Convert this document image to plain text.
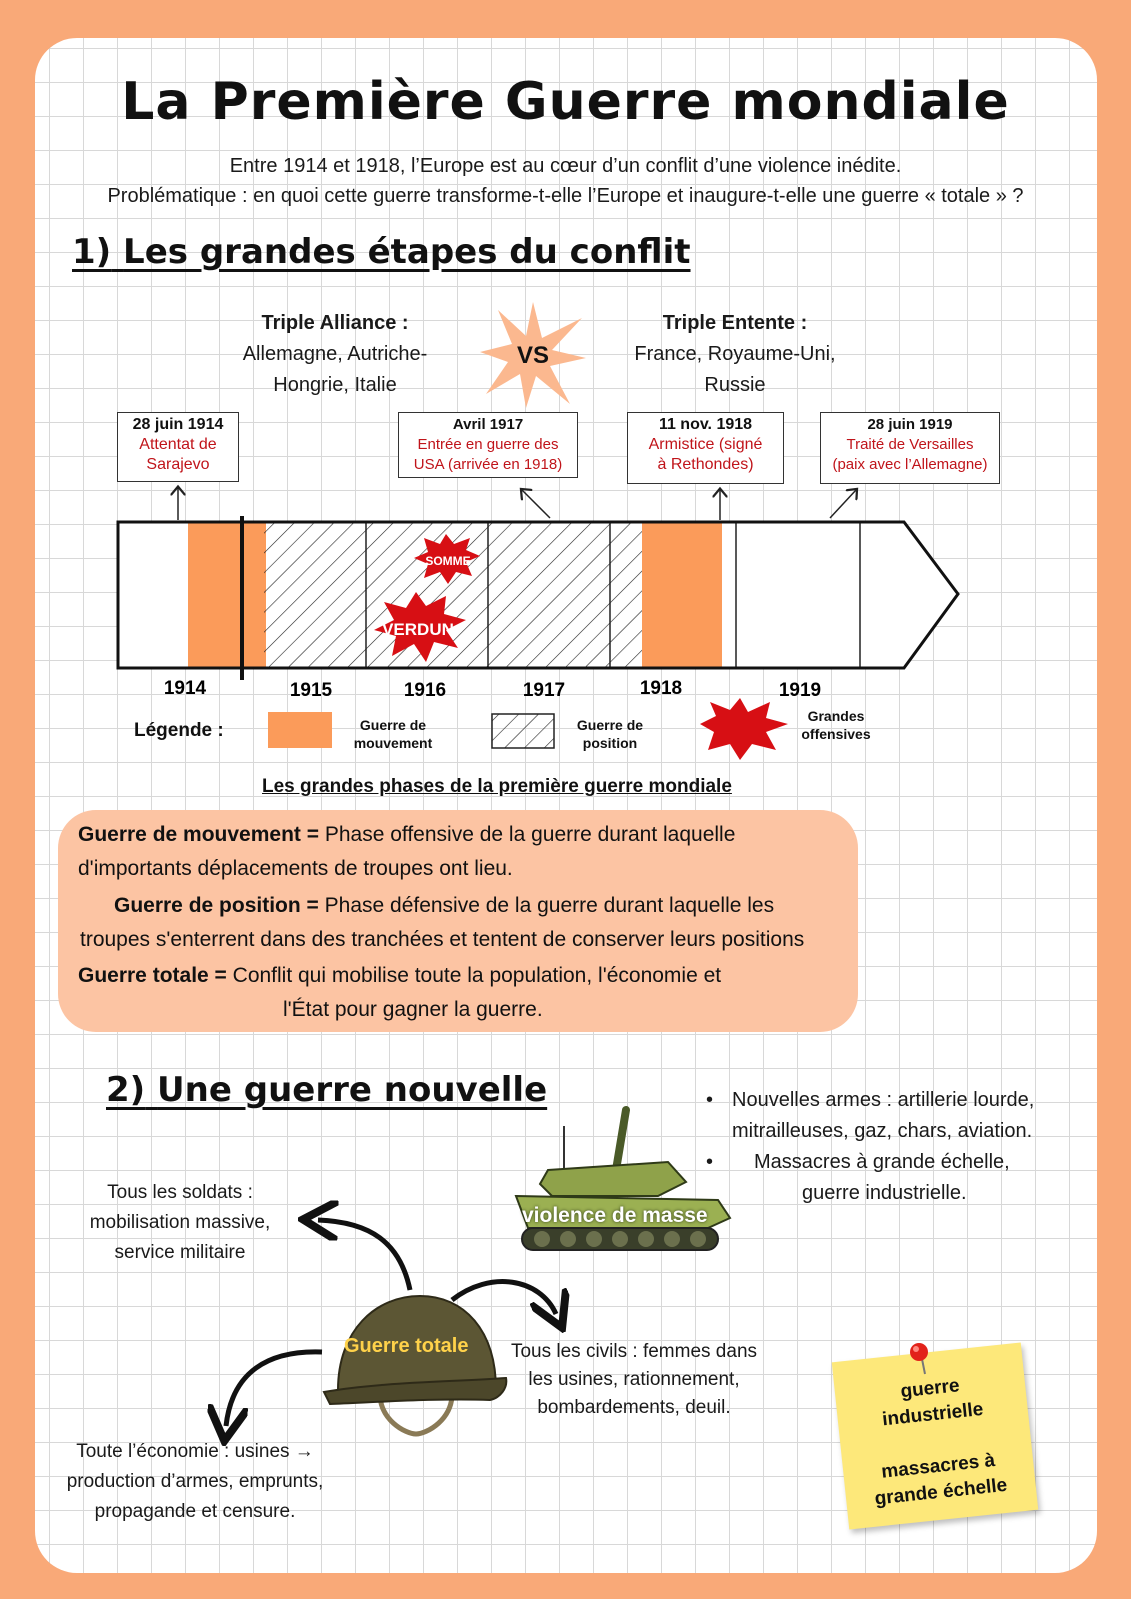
La Première Guerre mondiale
Entre 1914 et 1918, l’Europe est au cœur d’un conflit d’une violence inédite.
Problématique : en quoi cette guerre transforme-t-elle l’Europe et inaugure-t-elle une guerre « totale » ?
1) Les grandes étapes du conflit
Triple Alliance :
Allemagne, Autriche-
Hongrie, Italie
VS
Triple Entente :
France, Royaume-Uni,
Russie
28 juin 1914
Attentat de
Sarajevo
Avril 1917
Entrée en guerre des
USA (arrivée en 1918)
11 nov. 1918
Armistice (signé
à Rethondes)
28 juin 1919
Traité de Versailles
(paix avec l’Allemagne)
SOMME
VERDUN
1914	1915	1916	1917	1918	1919
Légende :	Guerre de
mouvement
Guerre de
position
Grandes
offensives
Les grandes phases de la première guerre mondiale
Guerre de mouvement = Phase offensive de la guerre durant laquelle
d'importants déplacements de troupes ont lieu.
Guerre de position = Phase défensive de la guerre durant laquelle les
troupes s'enterrent dans des tranchées et tentent de conserver leurs positions
Guerre totale = Conflit qui mobilise toute la population, l'économie et
l'État pour gagner la guerre.
2) Une guerre nouvelle	• Nouvelles armes : artillerie lourde,
mitrailleuses, gaz, chars, aviation.
•	Massacres à grande échelle,
guerre industrielle.
violence de masse
Guerre totale
Tous les soldats :
mobilisation massive,
service militaire
Tous les civils : femmes dans
les usines, rationnement,
bombardements, deuil.
Toute l’économie : usines →
production d’armes, emprunts,
propagande et censure.
guerre
industrielle
massacres à
grande échelle
